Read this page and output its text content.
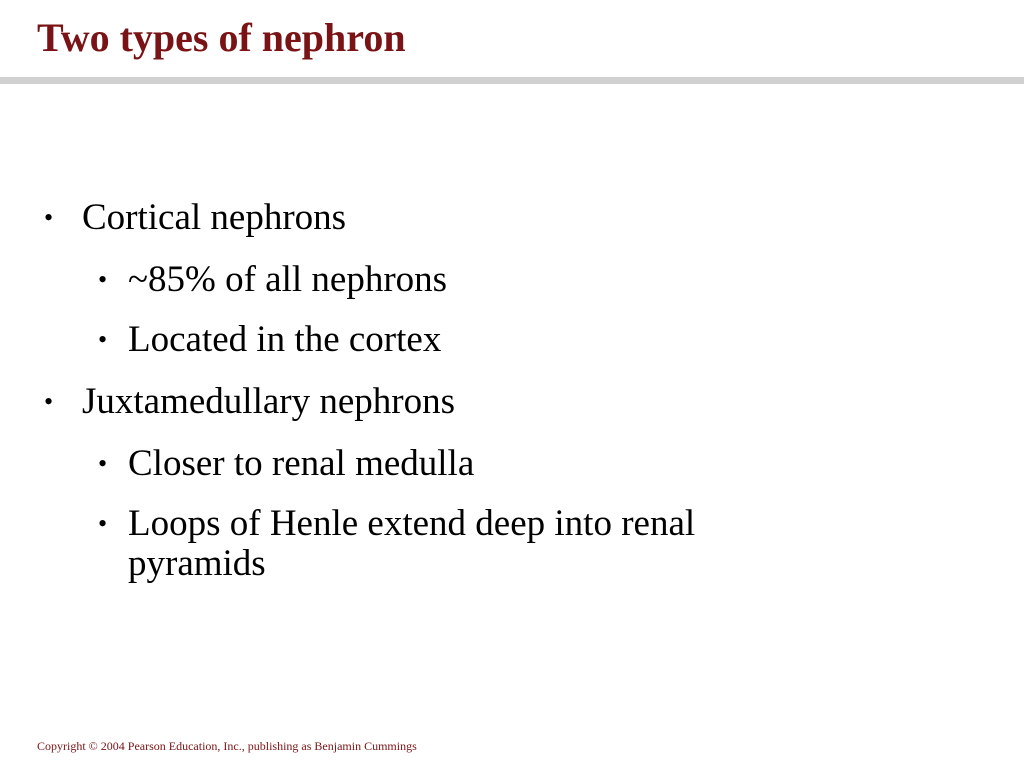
Two types of nephron
• Cortical nephrons
• ~85% of all nephrons
• Located in the cortex
• Juxtamedullary nephrons
• Closer to renal medulla
• Loops of Henle extend deep into renal pyramids
Copyright © 2004 Pearson Education, Inc., publishing as Benjamin Cummings
